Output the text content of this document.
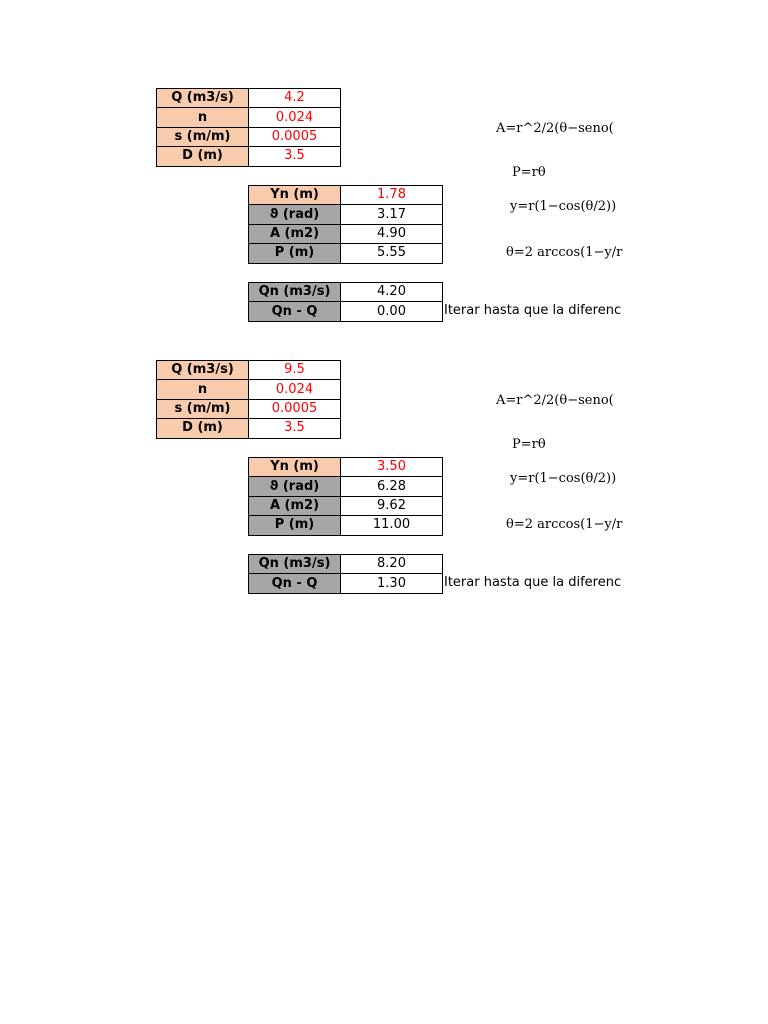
Q (m3/s)	4.2
n	0.024
s (m/m)	0.0005
D (m)	3.5
Yn (m)	1.78
ϑ (rad)	3.17
A (m2)	4.90
P (m)	5.55
Qn (m3/s)	4.20
Qn - Q	0.00	Iterar hasta que la diferenc
A=r^2/2(θ−seno(
P=rθ
y=r(1−cos(θ/2))
θ=2 arccos(1−y/r
Q (m3/s)	9.5
n	0.024
s (m/m)	0.0005
D (m)	3.5
Yn (m)	3.50
ϑ (rad)	6.28
A (m2)	9.62
P (m)	11.00
Qn (m3/s)	8.20
Qn - Q	1.30	Iterar hasta que la diferenc
A=r^2/2(θ−seno(
P=rθ
y=r(1−cos(θ/2))
θ=2 arccos(1−y/r
